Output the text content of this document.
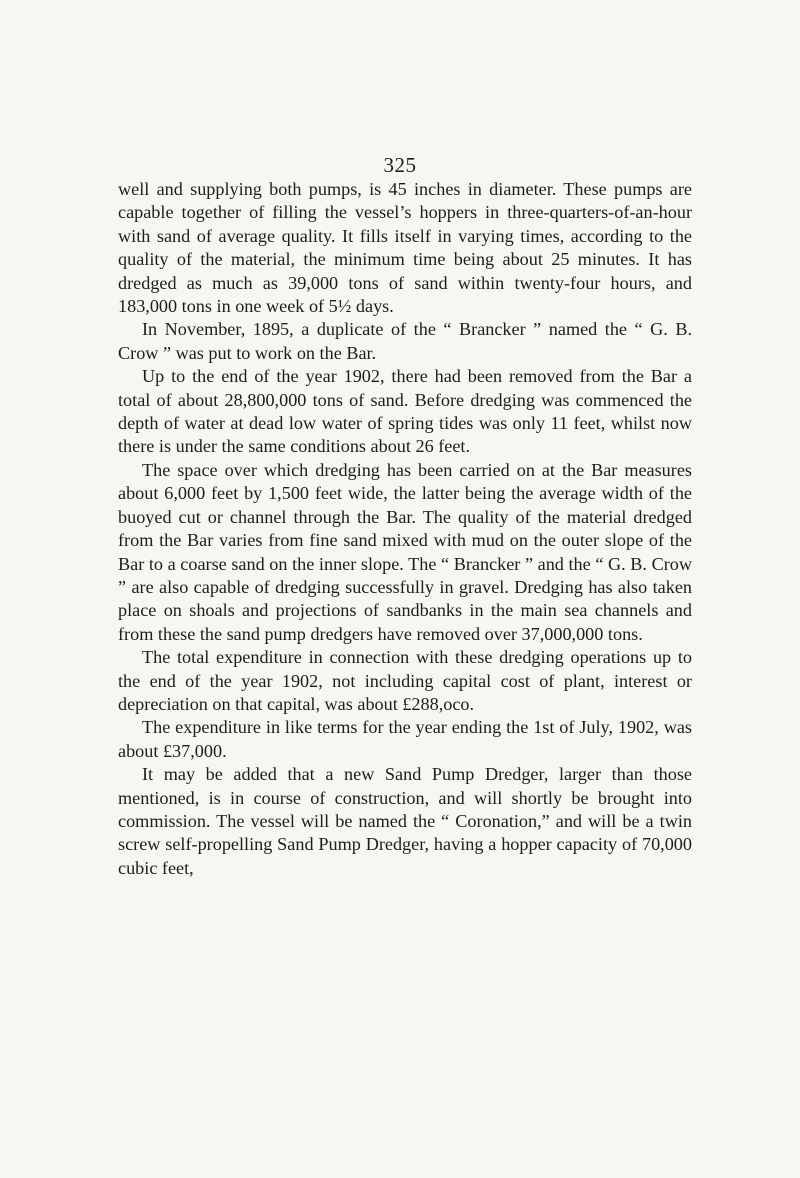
325

well and supplying both pumps, is 45 inches in diameter. These pumps are capable together of filling the vessel’s hoppers in three-quarters-of-an-hour with sand of average quality. It fills itself in varying times, according to the quality of the material, the minimum time being about 25 minutes. It has dredged as much as 39,000 tons of sand within twenty-four hours, and 183,000 tons in one week of 5½ days.

In November, 1895, a duplicate of the “ Brancker ” named the “ G. B. Crow ” was put to work on the Bar.

Up to the end of the year 1902, there had been removed from the Bar a total of about 28,800,000 tons of sand. Before dredging was commenced the depth of water at dead low water of spring tides was only 11 feet, whilst now there is under the same conditions about 26 feet.

The space over which dredging has been carried on at the Bar measures about 6,000 feet by 1,500 feet wide, the latter being the average width of the buoyed cut or channel through the Bar. The quality of the material dredged from the Bar varies from fine sand mixed with mud on the outer slope of the Bar to a coarse sand on the inner slope. The “ Brancker ” and the “ G. B. Crow ” are also capable of dredging successfully in gravel. Dredging has also taken place on shoals and projections of sandbanks in the main sea channels and from these the sand pump dredgers have removed over 37,000,000 tons.

The total expenditure in connection with these dredging operations up to the end of the year 1902, not including capital cost of plant, interest or depreciation on that capital, was about £288,oco.

The expenditure in like terms for the year ending the 1st of July, 1902, was about £37,000.

It may be added that a new Sand Pump Dredger, larger than those mentioned, is in course of construction, and will shortly be brought into commission. The vessel will be named the “ Coronation,” and will be a twin screw self-propelling Sand Pump Dredger, having a hopper capacity of 70,000 cubic feet,
